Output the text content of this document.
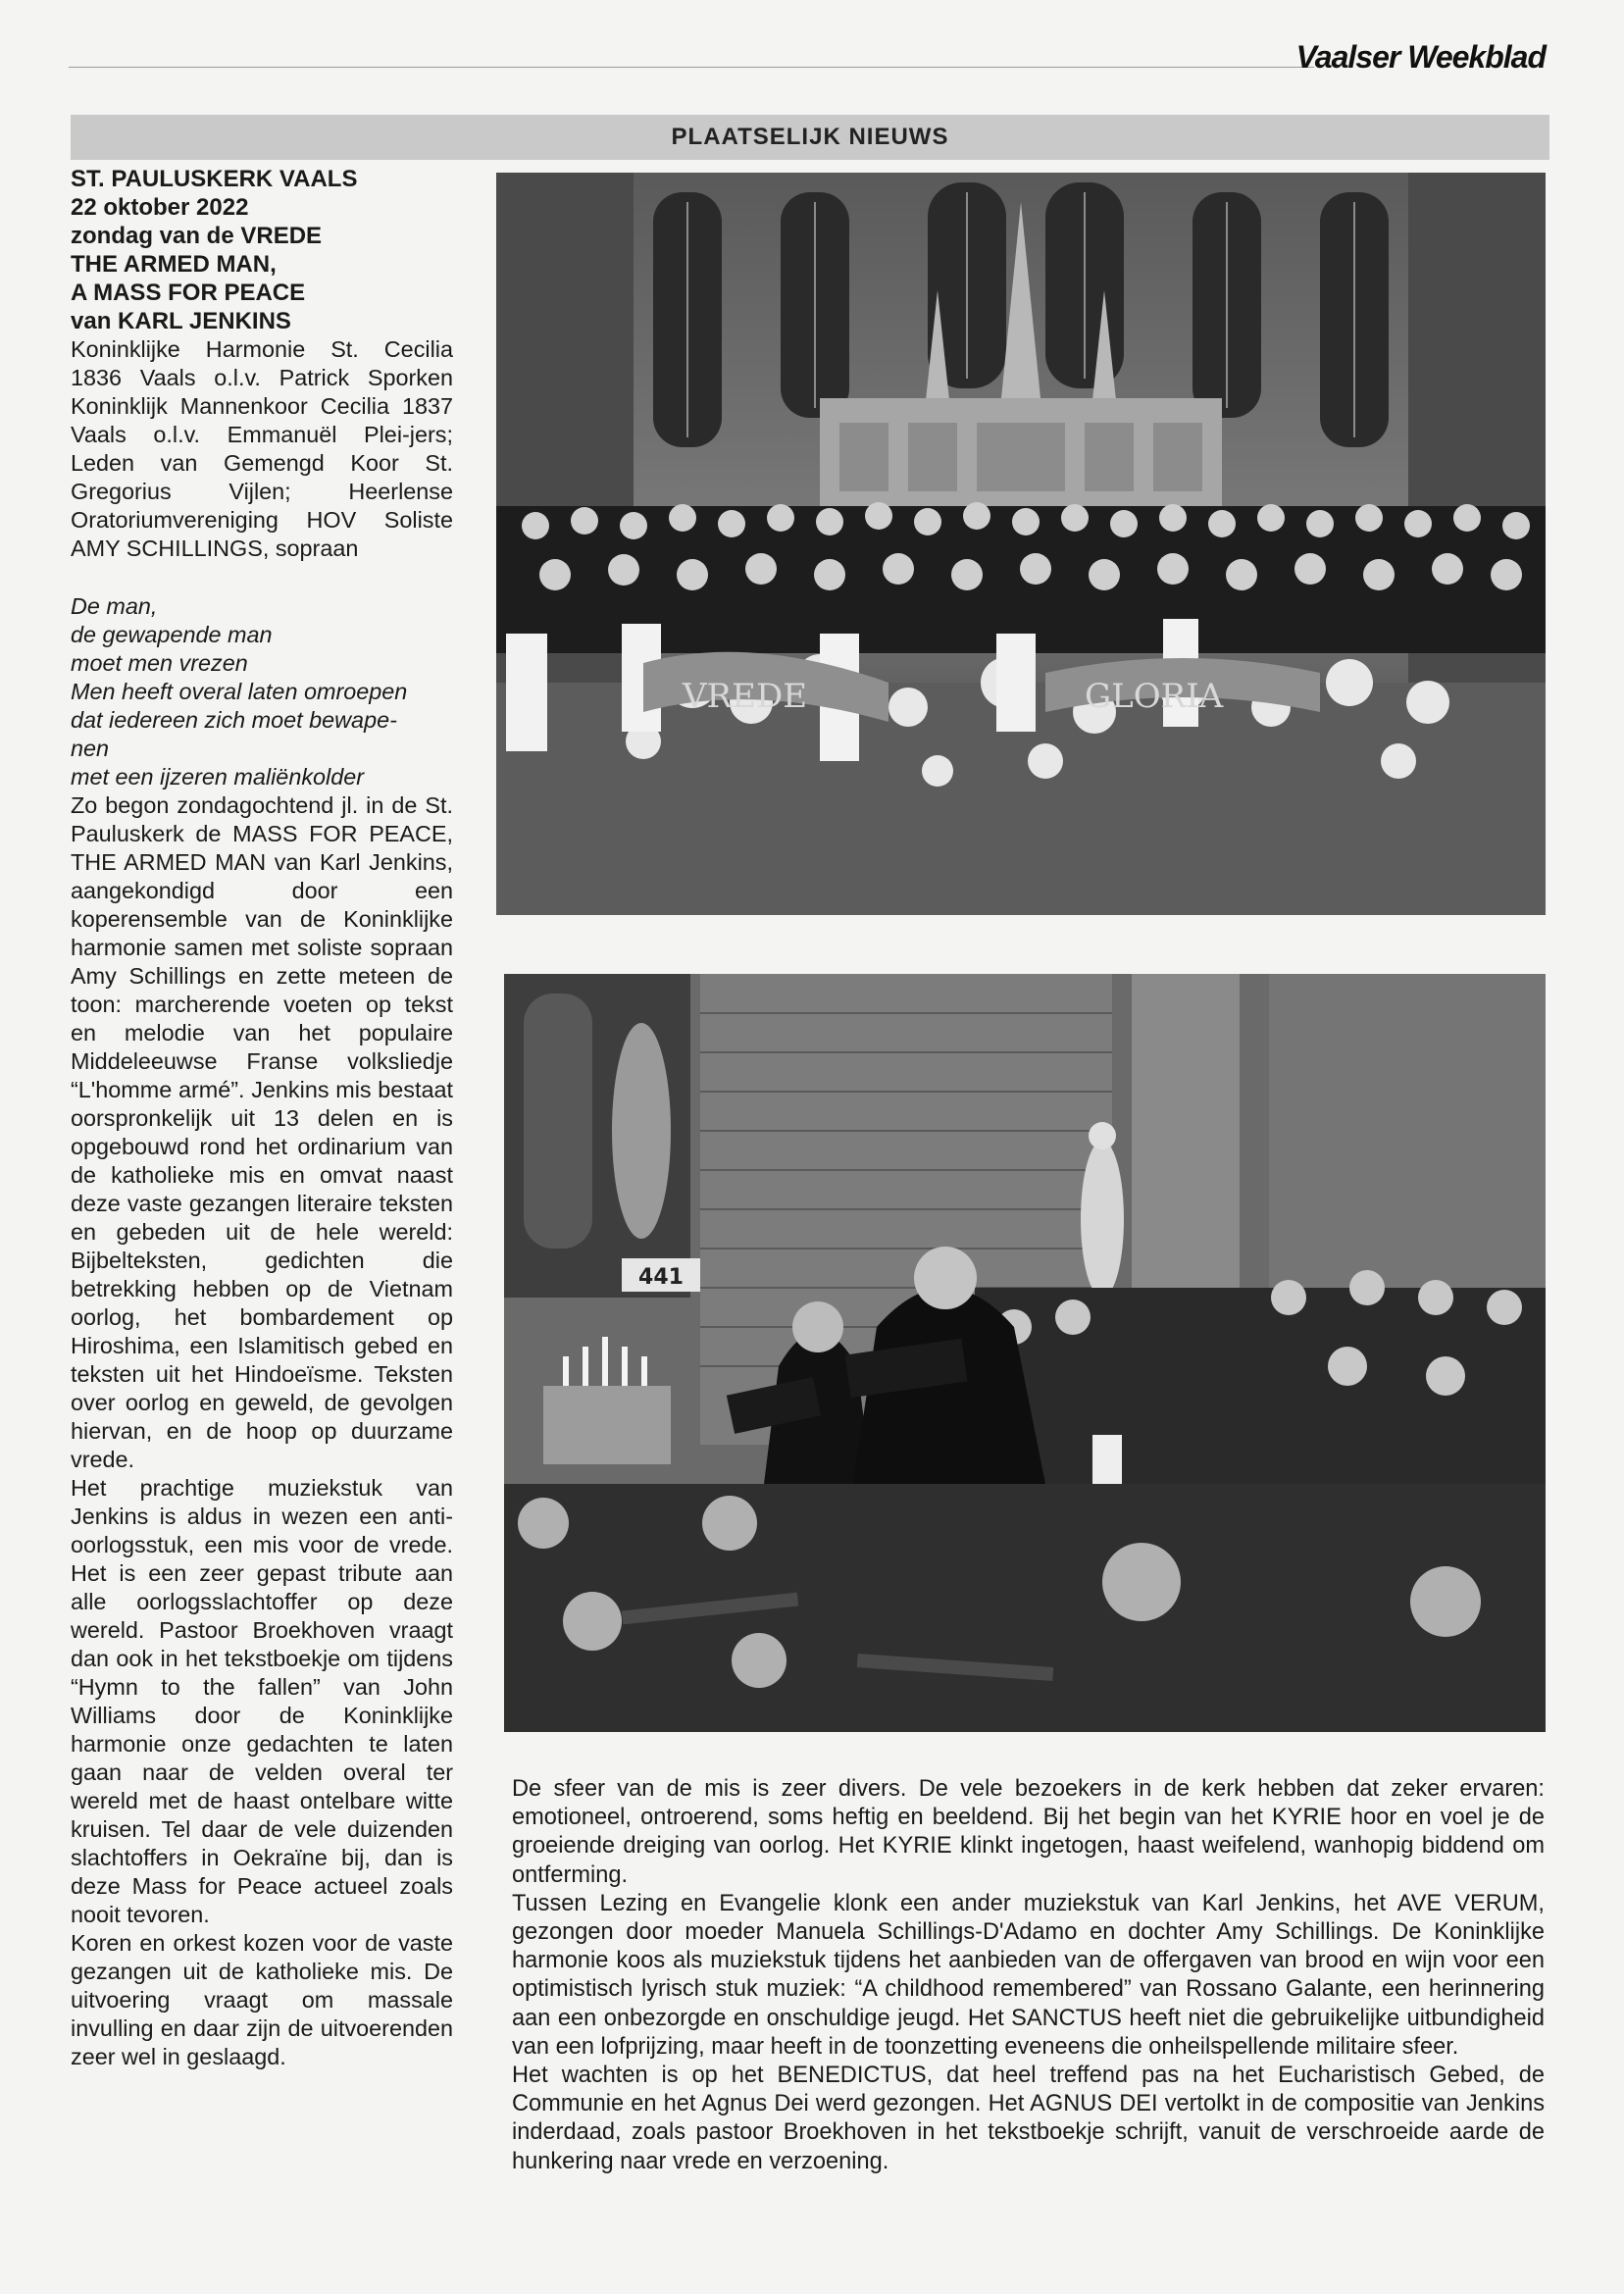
Vaalser Weekblad
PLAATSELIJK NIEUWS
ST. PAULUSKERK VAALS
22 oktober 2022
zondag van de VREDE
THE ARMED MAN,
A MASS FOR PEACE
van KARL JENKINS

Koninklijke Harmonie St. Cecilia 1836 Vaals o.l.v. Patrick Sporken Koninklijk Mannenkoor Cecilia 1837 Vaals o.l.v. Emmanuël Plei-jers; Leden van Gemengd Koor St. Gregorius Vijlen; Heerlense Oratoriumvereniging HOV Soliste AMY SCHILLINGS, sopraan

De man,
de gewapende man
moet men vrezen
Men heeft overal laten omroepen
dat iedereen zich moet bewape-
nen
met een ijzeren maliënkolder

Zo begon zondagochtend jl. in de St. Pauluskerk de MASS FOR PEACE, THE ARMED MAN van Karl Jenkins, aangekondigd door een koperensemble van de Koninklijke harmonie samen met soliste sopraan Amy Schillings en zette meteen de toon: marcherende voeten op tekst en melodie van het populaire Middeleeuwse Franse volksliedje “L'homme armé”. Jenkins mis bestaat oorspronkelijk uit 13 delen en is opgebouwd rond het ordinarium van de katholieke mis en omvat naast deze vaste gezangen literaire teksten en gebeden uit de hele wereld: Bijbelteksten, gedichten die betrekking hebben op de Vietnam oorlog, het bombardement op Hiroshima, een Islamitisch gebed en teksten uit het Hindoeïsme. Teksten over oorlog en geweld, de gevolgen hiervan, en de hoop op duurzame vrede.

Het prachtige muziekstuk van Jenkins is aldus in wezen een anti-oorlogsstuk, een mis voor de vrede. Het is een zeer gepast tribute aan alle oorlogsslachtoffer op deze wereld. Pastoor Broekhoven vraagt dan ook in het tekstboekje om tijdens “Hymn to the fallen” van John Williams door de Koninklijke harmonie onze gedachten te laten gaan naar de velden overal ter wereld met de haast ontelbare witte kruisen. Tel daar de vele duizenden slachtoffers in Oekraïne bij, dan is deze Mass for Peace actueel zoals nooit tevoren.

Koren en orkest kozen voor de vaste gezangen uit de katholieke mis. De uitvoering vraagt om massale invulling en daar zijn de uitvoerenden zeer wel in geslaagd.

VREDE	GLORIA
441

De sfeer van de mis is zeer divers. De vele bezoekers in de kerk hebben dat zeker ervaren: emotioneel, ontroerend, soms heftig en beeldend. Bij het begin van het KYRIE hoor en voel je de groeiende dreiging van oorlog. Het KYRIE klinkt ingetogen, haast weifelend, wanhopig biddend om ontferming.

Tussen Lezing en Evangelie klonk een ander muziekstuk van Karl Jenkins, het AVE VERUM, gezongen door moeder Manuela Schillings-D'Adamo en dochter Amy Schillings. De Koninklijke harmonie koos als muziekstuk tijdens het aanbieden van de offergaven van brood en wijn voor een optimistisch lyrisch stuk muziek: “A childhood remembered” van Rossano Galante, een herinnering aan een onbezorgde en onschuldige jeugd. Het SANCTUS heeft niet die gebruikelijke uitbundigheid van een lofprijzing, maar heeft in de toonzetting eveneens die onheilspellende militaire sfeer.

Het wachten is op het BENEDICTUS, dat heel treffend pas na het Eucharistisch Gebed, de Communie en het Agnus Dei werd gezongen. Het AGNUS DEI vertolkt in de compositie van Jenkins inderdaad, zoals pastoor Broekhoven in het tekstboekje schrijft, vanuit de verschroeide aarde de hunkering naar vrede en verzoening.
